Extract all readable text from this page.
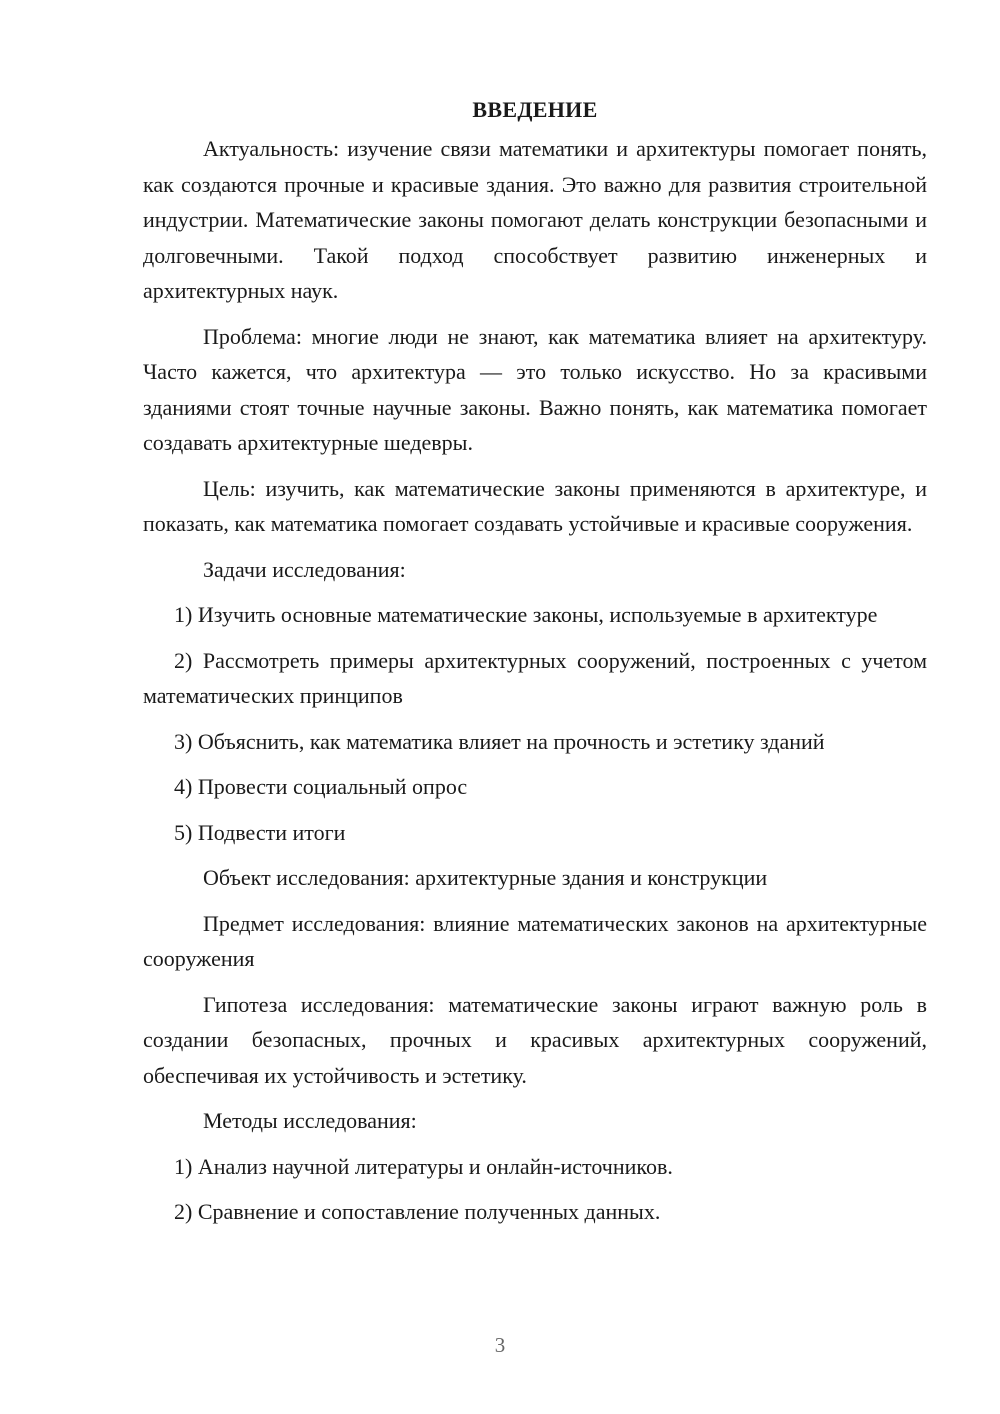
ВВЕДЕНИЕ

Актуальность: изучение связи математики и архитектуры помогает понять, как создаются прочные и красивые здания. Это важно для развития строительной индустрии. Математические законы помогают делать конструкции безопасными и долговечными. Такой подход способствует развитию инженерных и архитектурных наук.

Проблема: многие люди не знают, как математика влияет на архитектуру. Часто кажется, что архитектура — это только искусство. Но за красивыми зданиями стоят точные научные законы. Важно понять, как математика помогает создавать архитектурные шедевры.

Цель: изучить, как математические законы применяются в архитектуре, и показать, как математика помогает создавать устойчивые и красивые сооружения.

Задачи исследования:

1) Изучить основные математические законы, используемые в архитектуре

2) Рассмотреть примеры архитектурных сооружений, построенных с учетом математических принципов

3) Объяснить, как математика влияет на прочность и эстетику зданий

4) Провести социальный опрос

5) Подвести итоги

Объект исследования: архитектурные здания и конструкции

Предмет исследования: влияние математических законов на архитектурные сооружения

Гипотеза исследования: математические законы играют важную роль в создании безопасных, прочных и красивых архитектурных сооружений, обеспечивая их устойчивость и эстетику.

Методы исследования:

1) Анализ научной литературы и онлайн-источников.

2) Сравнение и сопоставление полученных данных.

3
